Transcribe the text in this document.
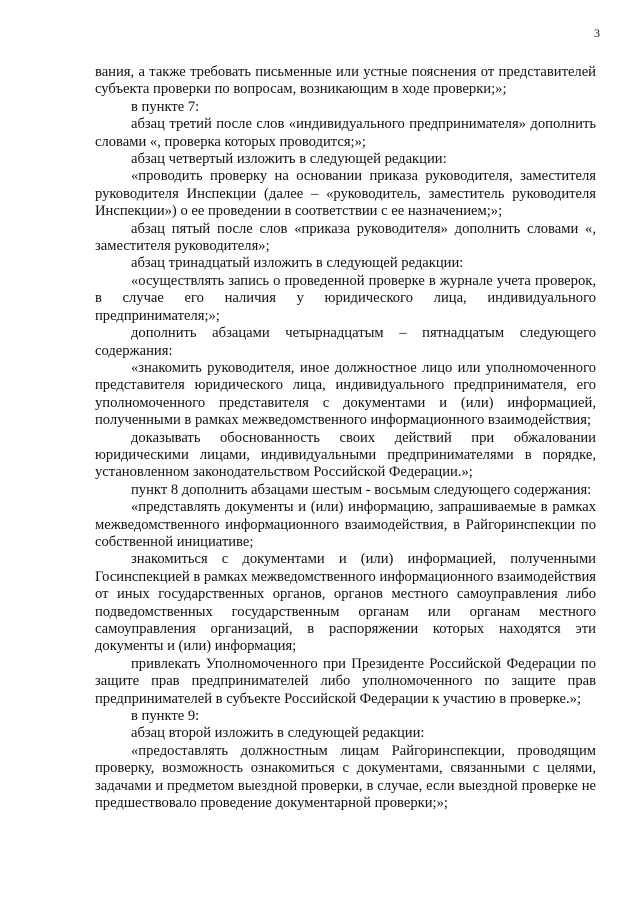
3

вания, а также требовать письменные или устные пояснения от представителей субъекта проверки по вопросам, возникающим в ходе проверки;»;

в пункте 7:

абзац третий после слов «индивидуального предпринимателя» дополнить словами «, проверка которых проводится;»;

абзац четвертый изложить в следующей редакции:

«проводить проверку на основании приказа руководителя, заместителя руководителя Инспекции (далее – «руководитель, заместитель руководителя Инспекции») о ее проведении в соответствии с ее назначением;»;

абзац пятый после слов «приказа руководителя» дополнить словами «, заместителя руководителя»;

абзац тринадцатый изложить в следующей редакции:

«осуществлять запись о проведенной проверке в журнале учета проверок, в случае его наличия у юридического лица, индивидуального предпринимателя;»;

дополнить абзацами четырнадцатым – пятнадцатым следующего содержания:

«знакомить руководителя, иное должностное лицо или уполномоченного представителя юридического лица, индивидуального предпринимателя, его уполномоченного представителя с документами и (или) информацией, полученными в рамках межведомственного информационного взаимодействия;

доказывать обоснованность своих действий при обжаловании юридическими лицами, индивидуальными предпринимателями в порядке, установленном законодательством Российской Федерации.»;

пункт 8 дополнить абзацами шестым - восьмым следующего содержания:

«представлять документы и (или) информацию, запрашиваемые в рамках межведомственного информационного взаимодействия, в Райгоринспекции по собственной инициативе;

знакомиться с документами и (или) информацией, полученными Госинспекцией в рамках межведомственного информационного взаимодействия от иных государственных органов, органов местного самоуправления либо подведомственных государственным органам или органам местного самоуправления организаций, в распоряжении которых находятся эти документы и (или) информация;

привлекать Уполномоченного при Президенте Российской Федерации по защите прав предпринимателей либо уполномоченного по защите прав предпринимателей в субъекте Российской Федерации к участию в проверке.»;

в пункте 9:

абзац второй изложить в следующей редакции:

«предоставлять должностным лицам Райгоринспекции, проводящим проверку, возможность ознакомиться с документами, связанными с целями, задачами и предметом выездной проверки, в случае, если выездной проверке не предшествовало проведение документарной проверки;»;
